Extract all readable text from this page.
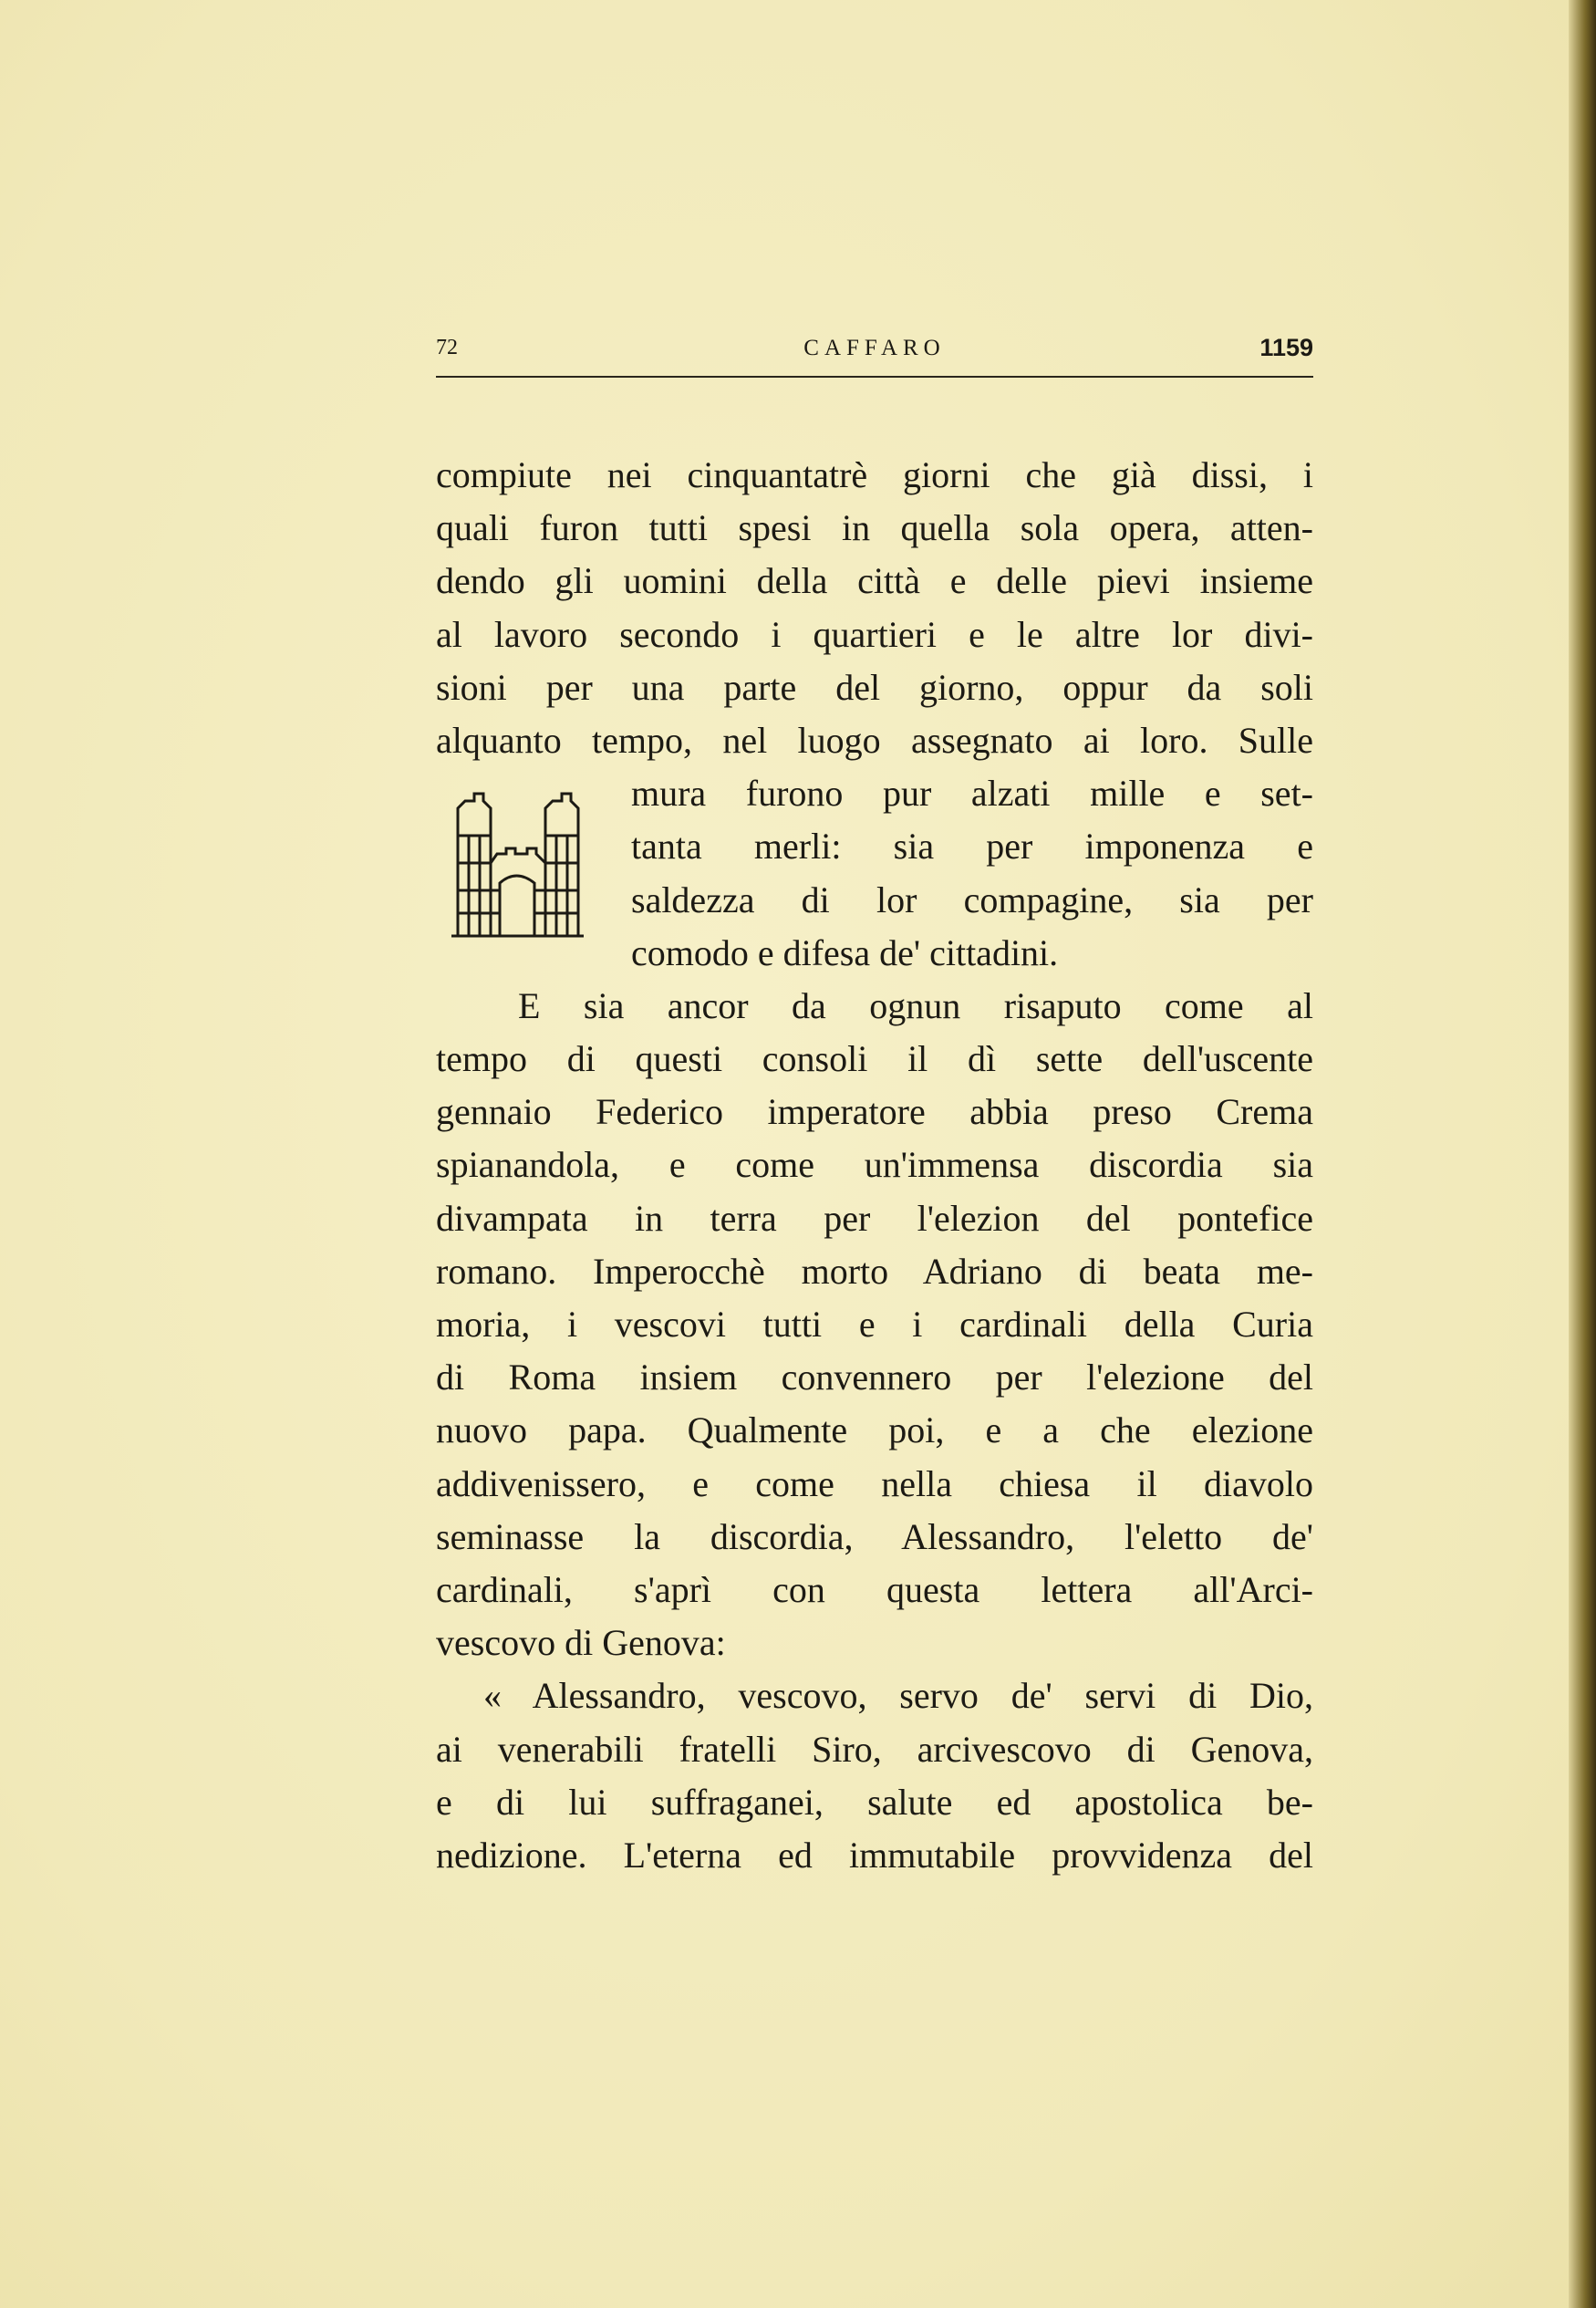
72	CAFFARO	1159
compiute nei cinquantatrè giorni che già dissi, i
quali furon tutti spesi in quella sola opera, atten-
dendo gli uomini della città e delle pievi insieme
al lavoro secondo i quartieri e le altre lor divi-
sioni per una parte del giorno, oppur da soli
alquanto tempo, nel luogo assegnato ai loro. Sulle
mura furono pur alzati mille e set-
tanta merli: sia per imponenza e
saldezza di lor compagine, sia per
comodo e difesa de' cittadini.
E sia ancor da ognun risaputo come al
tempo di questi consoli il dì sette dell'uscente
gennaio Federico imperatore abbia preso Crema
spianandola, e come un'immensa discordia sia
divampata in terra per l'elezion del pontefice
romano. Imperocchè morto Adriano di beata me-
moria, i vescovi tutti e i cardinali della Curia
di Roma insiem convennero per l'elezione del
nuovo papa. Qualmente poi, e a che elezione
addivenissero, e come nella chiesa il diavolo
seminasse la discordia, Alessandro, l'eletto de'
cardinali, s'aprì con questa lettera all'Arci-
vescovo di Genova:
« Alessandro, vescovo, servo de' servi di Dio,
ai venerabili fratelli Siro, arcivescovo di Genova,
e di lui suffraganei, salute ed apostolica be-
nedizione. L'eterna ed immutabile provvidenza del
